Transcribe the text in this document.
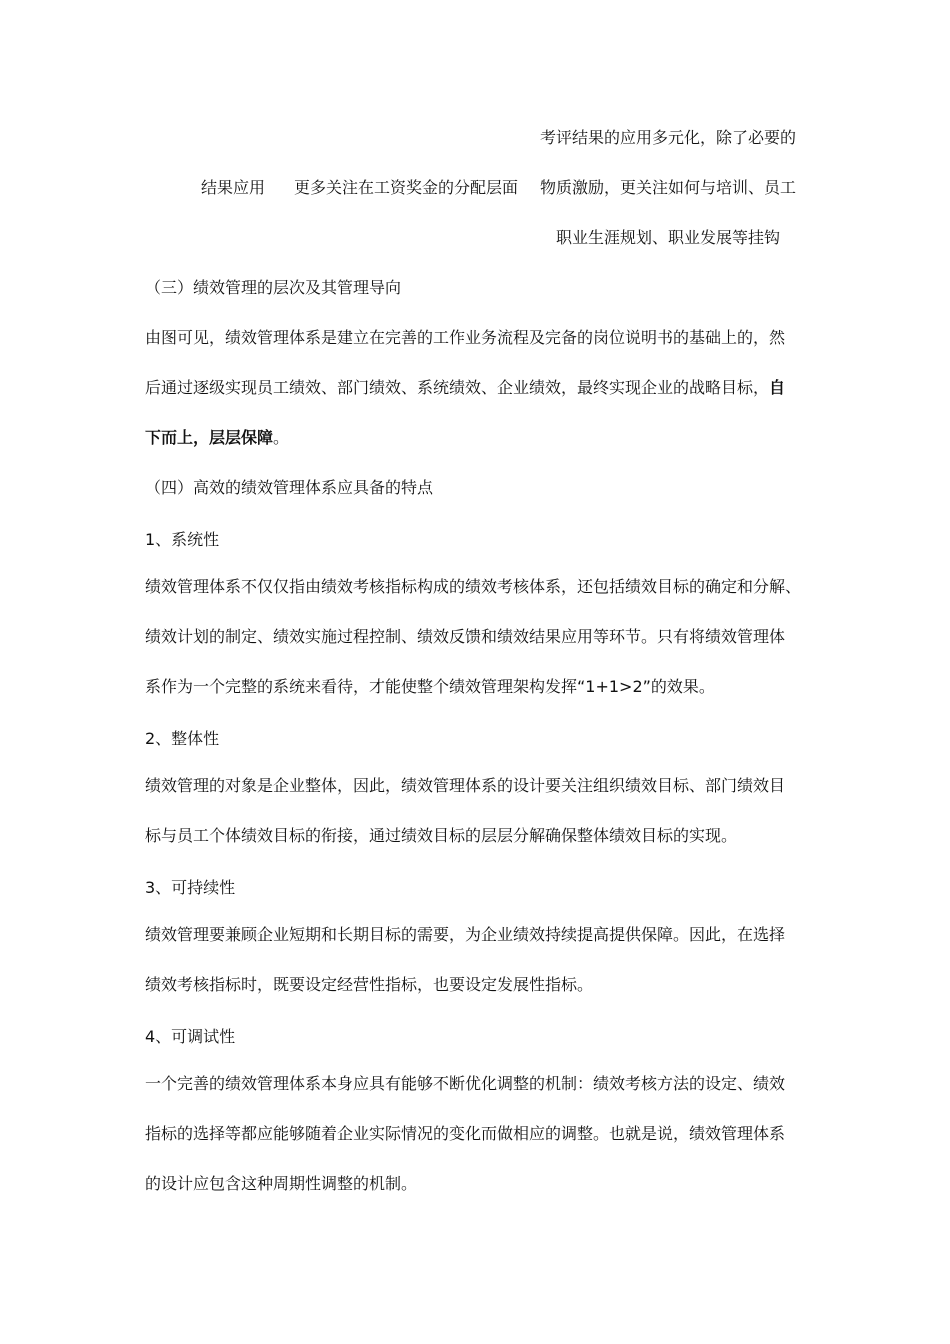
考评结果的应用多元化，除了必要的
结果应用 更多关注在工资奖金的分配层面 物质激励，更关注如何与培训、员工
职业生涯规划、职业发展等挂钩
（三）绩效管理的层次及其管理导向
由图可见，绩效管理体系是建立在完善的工作业务流程及完备的岗位说明书的基础上的，然
后通过逐级实现员工绩效、部门绩效、系统绩效、企业绩效，最终实现企业的战略目标，自
下而上，层层保障。
（四）高效的绩效管理体系应具备的特点
1、系统性
绩效管理体系不仅仅指由绩效考核指标构成的绩效考核体系，还包括绩效目标的确定和分解、
绩效计划的制定、绩效实施过程控制、绩效反馈和绩效结果应用等环节。只有将绩效管理体
系作为一个完整的系统来看待，才能使整个绩效管理架构发挥“1+1>2”的效果。
2、整体性
绩效管理的对象是企业整体，因此，绩效管理体系的设计要关注组织绩效目标、部门绩效目
标与员工个体绩效目标的衔接，通过绩效目标的层层分解确保整体绩效目标的实现。
3、可持续性
绩效管理要兼顾企业短期和长期目标的需要，为企业绩效持续提高提供保障。因此，在选择
绩效考核指标时，既要设定经营性指标，也要设定发展性指标。
4、可调试性
一个完善的绩效管理体系本身应具有能够不断优化调整的机制：绩效考核方法的设定、绩效
指标的选择等都应能够随着企业实际情况的变化而做相应的调整。也就是说，绩效管理体系
的设计应包含这种周期性调整的机制。
